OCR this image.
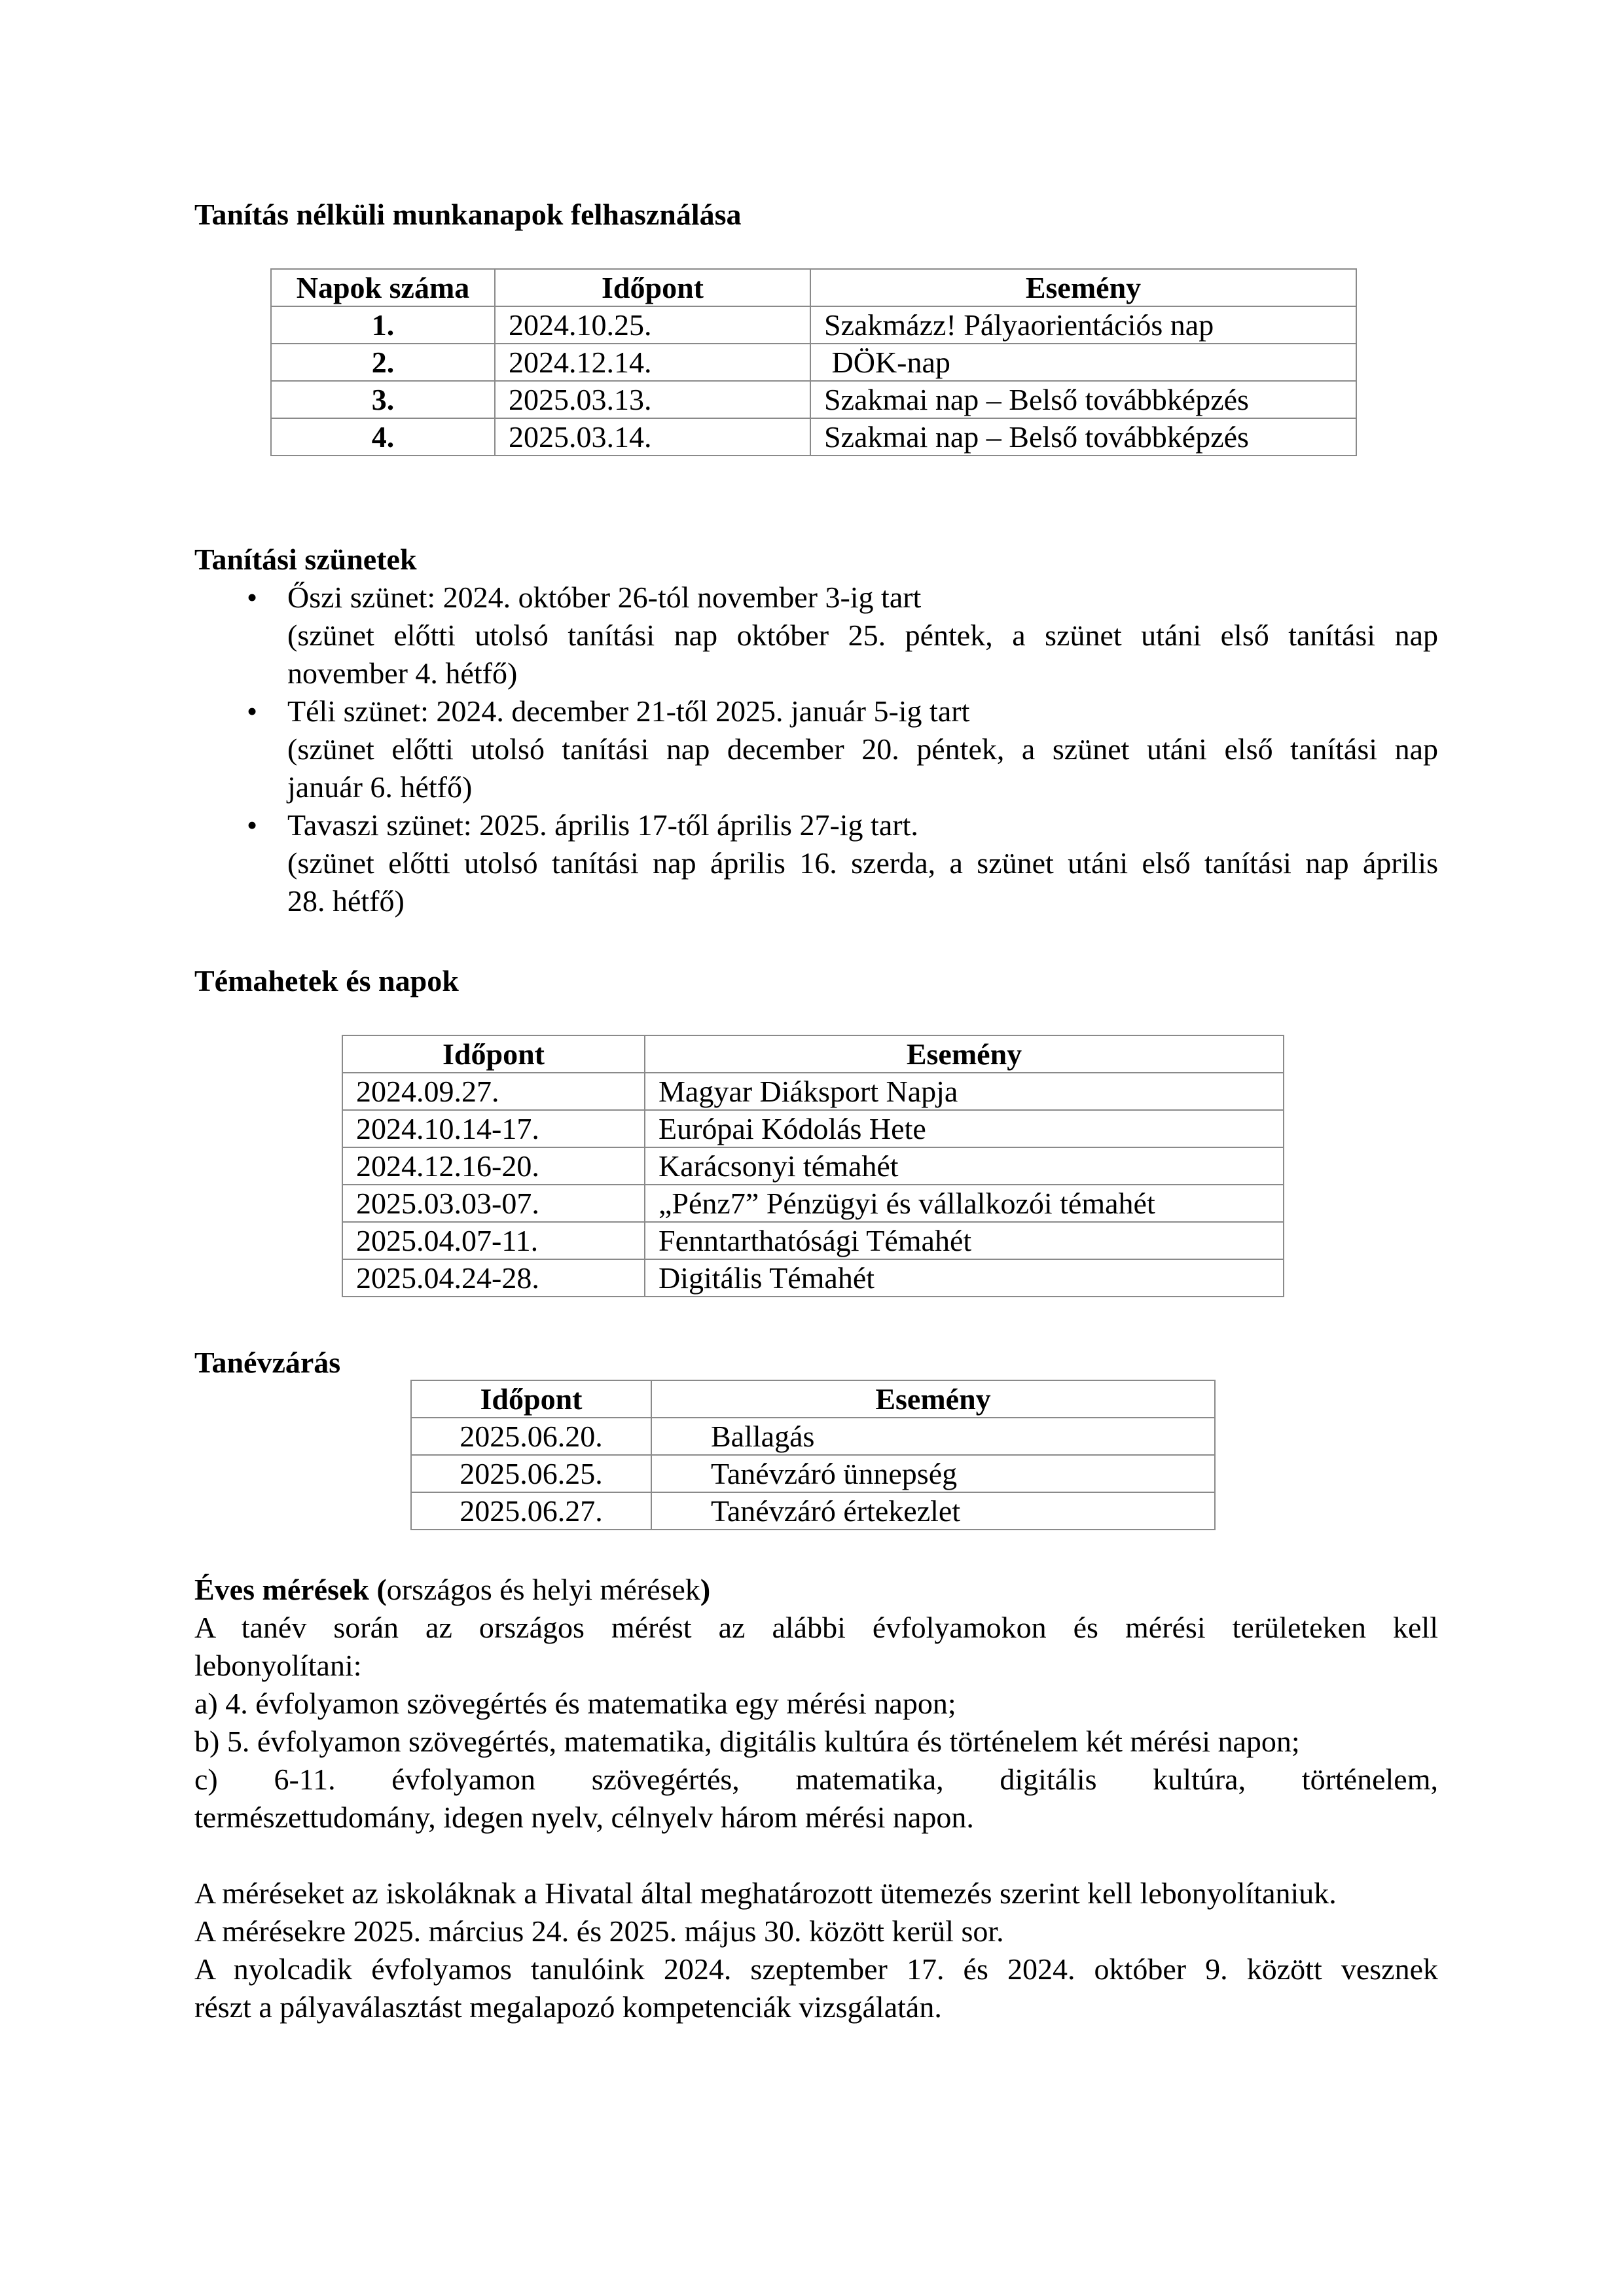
Tanítás nélküli munkanapok felhasználása
Napok száma	Időpont	Esemény
1.	2024.10.25.	Szakmázz! Pályaorientációs nap
2.	2024.12.14.	DÖK-nap
3.	2025.03.13.	Szakmai nap – Belső továbbképzés
4.	2025.03.14.	Szakmai nap – Belső továbbképzés
Tanítási szünetek
• Őszi szünet: 2024. október 26-tól november 3-ig tart
(szünet előtti utolsó tanítási nap október 25. péntek, a szünet utáni első tanítási nap
november 4. hétfő)
• Téli szünet: 2024. december 21-től 2025. január 5-ig tart
(szünet előtti utolsó tanítási nap december 20. péntek, a szünet utáni első tanítási nap
január 6. hétfő)
• Tavaszi szünet: 2025. április 17-től április 27-ig tart.
(szünet előtti utolsó tanítási nap április 16. szerda, a szünet utáni első tanítási nap április
28. hétfő)
Témahetek és napok
Időpont	Esemény
2024.09.27.	Magyar Diáksport Napja
2024.10.14-17.	Európai Kódolás Hete
2024.12.16-20.	Karácsonyi témahét
2025.03.03-07.	„Pénz7” Pénzügyi és vállalkozói témahét
2025.04.07-11.	Fenntarthatósági Témahét
2025.04.24-28.	Digitális Témahét
Tanévzárás
Időpont	Esemény
2025.06.20.	Ballagás
2025.06.25.	Tanévzáró ünnepség
2025.06.27.	Tanévzáró értekezlet
Éves mérések (országos és helyi mérések)
A tanév során az országos mérést az alábbi évfolyamokon és mérési területeken kell
lebonyolítani:
a) 4. évfolyamon szövegértés és matematika egy mérési napon;
b) 5. évfolyamon szövegértés, matematika, digitális kultúra és történelem két mérési napon;
c) 6-11. évfolyamon szövegértés, matematika, digitális kultúra, történelem,
természettudomány, idegen nyelv, célnyelv három mérési napon.
A méréseket az iskoláknak a Hivatal által meghatározott ütemezés szerint kell lebonyolítaniuk.
A mérésekre 2025. március 24. és 2025. május 30. között kerül sor.
A nyolcadik évfolyamos tanulóink 2024. szeptember 17. és 2024. október 9. között vesznek
részt a pályaválasztást megalapozó kompetenciák vizsgálatán.
